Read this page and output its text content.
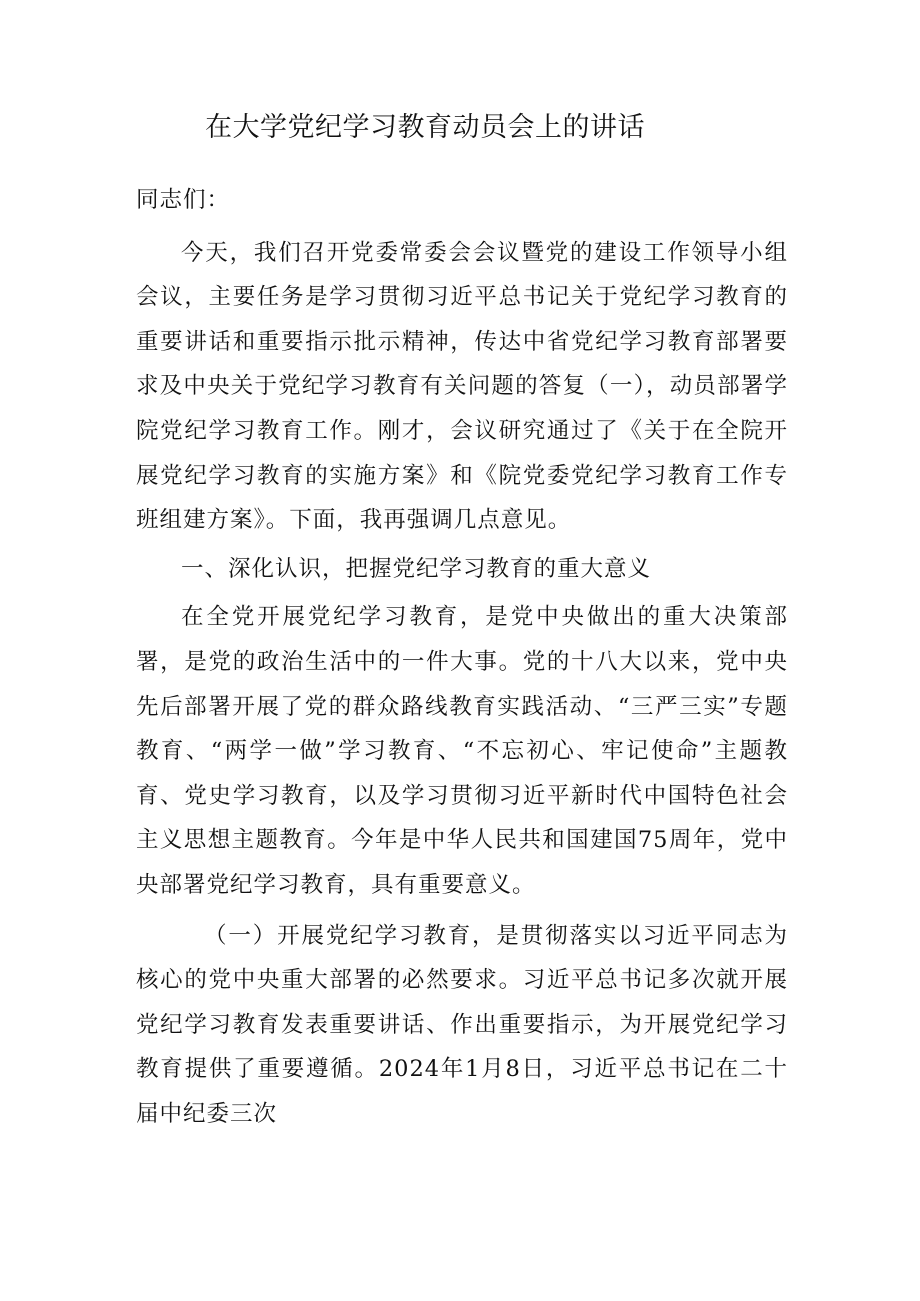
在大学党纪学习教育动员会上的讲话

同志们：

今天，我们召开党委常委会会议暨党的建设工作领导小组会议，主要任务是学习贯彻习近平总书记关于党纪学习教育的重要讲话和重要指示批示精神，传达中省党纪学习教育部署要求及中央关于党纪学习教育有关问题的答复（一），动员部署学院党纪学习教育工作。刚才，会议研究通过了《关于在全院开展党纪学习教育的实施方案》和《院党委党纪学习教育工作专班组建方案》。下面，我再强调几点意见。

一、深化认识，把握党纪学习教育的重大意义

在全党开展党纪学习教育，是党中央做出的重大决策部署，是党的政治生活中的一件大事。党的十八大以来，党中央先后部署开展了党的群众路线教育实践活动、“三严三实”专题教育、“两学一做”学习教育、“不忘初心、牢记使命”主题教育、党史学习教育，以及学习贯彻习近平新时代中国特色社会主义思想主题教育。今年是中华人民共和国建国75周年，党中央部署党纪学习教育，具有重要意义。

（一）开展党纪学习教育，是贯彻落实以习近平同志为核心的党中央重大部署的必然要求。习近平总书记多次就开展党纪学习教育发表重要讲话、作出重要指示，为开展党纪学习教育提供了重要遵循。2024年1月8日，习近平总书记在二十届中纪委三次
